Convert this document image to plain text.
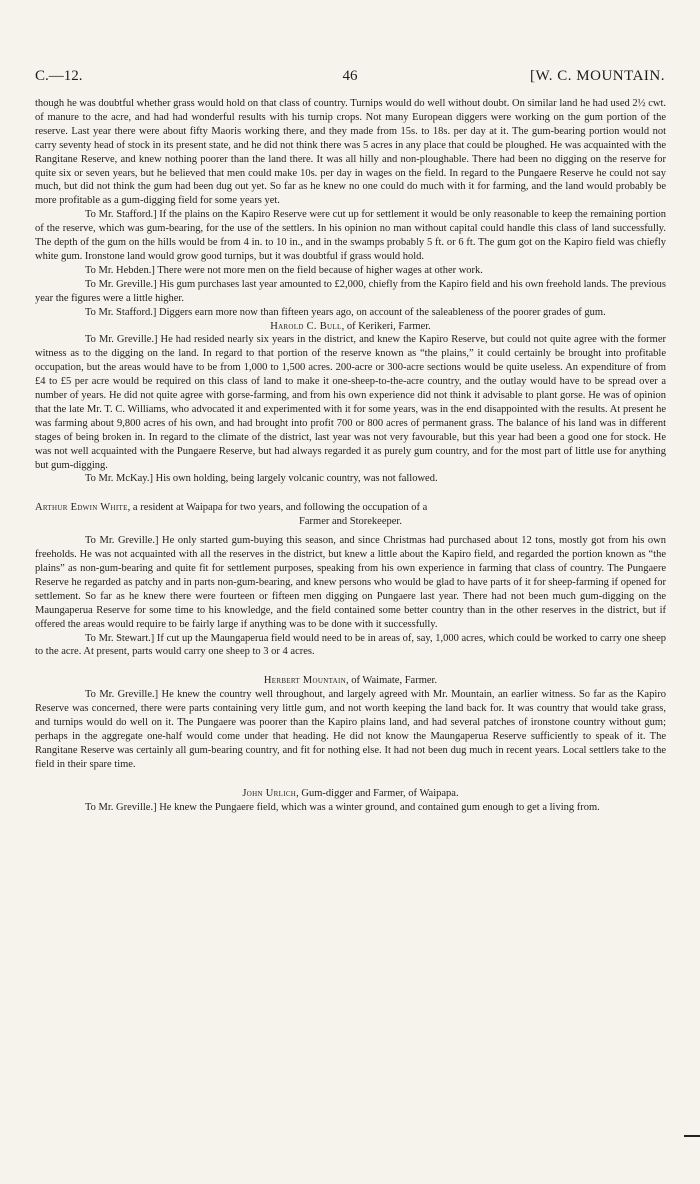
C.—12.	46	[W. C. MOUNTAIN.

though he was doubtful whether grass would hold on that class of country. Turnips would do well without doubt. On similar land he had used 2½ cwt. of manure to the acre, and had had wonderful results with his turnip crops. Not many European diggers were working on the gum portion of the reserve. Last year there were about fifty Maoris working there, and they made from 15s. to 18s. per day at it. The gum-bearing portion would not carry seventy head of stock in its present state, and he did not think there was 5 acres in any place that could be ploughed. He was acquainted with the Rangitane Reserve, and knew nothing poorer than the land there. It was all hilly and non-ploughable. There had been no digging on the reserve for quite six or seven years, but he believed that men could make 10s. per day in wages on the field. In regard to the Pungaere Reserve he could not say much, but did not think the gum had been dug out yet. So far as he knew no one could do much with it for farming, and the land would probably be more profitable as a gum-digging field for some years yet.

To Mr. Stafford.] If the plains on the Kapiro Reserve were cut up for settlement it would be only reasonable to keep the remaining portion of the reserve, which was gum-bearing, for the use of the settlers. In his opinion no man without capital could handle this class of land successfully. The depth of the gum on the hills would be from 4 in. to 10 in., and in the swamps probably 5 ft. or 6 ft. The gum got on the Kapiro field was chiefly white gum. Ironstone land would grow good turnips, but it was doubtful if grass would hold.

To Mr. Hebden.] There were not more men on the field because of higher wages at other work.

To Mr. Greville.] His gum purchases last year amounted to £2,000, chiefly from the Kapiro field and his own freehold lands. The previous year the figures were a little higher.

To Mr. Stafford.] Diggers earn more now than fifteen years ago, on account of the saleableness of the poorer grades of gum.

Harold C. Bull, of Kerikeri, Farmer.

To Mr. Greville.] He had resided nearly six years in the district, and knew the Kapiro Reserve, but could not quite agree with the former witness as to the digging on the land. In regard to that portion of the reserve known as “the plains,” it could certainly be brought into profitable occupation, but the areas would have to be from 1,000 to 1,500 acres. 200-acre or 300-acre sections would be quite useless. An expenditure of from £4 to £5 per acre would be required on this class of land to make it one-sheep-to-the-acre country, and the outlay would have to be spread over a number of years. He did not quite agree with gorse-farming, and from his own experience did not think it advisable to plant gorse. He was of opinion that the late Mr. T. C. Williams, who advocated it and experimented with it for some years, was in the end disappointed with the results. At present he was farming about 9,800 acres of his own, and had brought into profit 700 or 800 acres of permanent grass. The balance of his land was in different stages of being broken in. In regard to the climate of the district, last year was not very favourable, but this year had been a good one for stock. He was not well acquainted with the Pungaere Reserve, but had always regarded it as purely gum country, and for the most part of little use for anything but gum-digging.

To Mr. McKay.] His own holding, being largely volcanic country, was not fallowed.

Arthur Edwin White, a resident at Waipapa for two years, and following the occupation of a

Farmer and Storekeeper.

To Mr. Greville.] He only started gum-buying this season, and since Christmas had purchased about 12 tons, mostly got from his own freeholds. He was not acquainted with all the reserves in the district, but knew a little about the Kapiro field, and regarded the portion known as “the plains” as non-gum-bearing and quite fit for settlement purposes, speaking from his own experience in farming that class of country. The Pungaere Reserve he regarded as patchy and in parts non-gum-bearing, and knew persons who would be glad to have parts of it for sheep-farming if opened for settlement. So far as he knew there were fourteen or fifteen men digging on Pungaere last year. There had not been much gum-digging on the Maungaperua Reserve for some time to his knowledge, and the field contained some better country than in the other reserves in the district, but if offered the areas would require to be fairly large if anything was to be done with it successfully.

To Mr. Stewart.] If cut up the Maungaperua field would need to be in areas of, say, 1,000 acres, which could be worked to carry one sheep to the acre. At present, parts would carry one sheep to 3 or 4 acres.

Herbert Mountain, of Waimate, Farmer.

To Mr. Greville.] He knew the country well throughout, and largely agreed with Mr. Mountain, an earlier witness. So far as the Kapiro Reserve was concerned, there were parts containing very little gum, and not worth keeping the land back for. It was country that would take grass, and turnips would do well on it. The Pungaere was poorer than the Kapiro plains land, and had several patches of ironstone country without gum; perhaps in the aggregate one-half would come under that heading. He did not know the Maungaperua Reserve sufficiently to speak of it. The Rangitane Reserve was certainly all gum-bearing country, and fit for nothing else. It had not been dug much in recent years. Local settlers take to the field in their spare time.

John Urlich, Gum-digger and Farmer, of Waipapa.

To Mr. Greville.] He knew the Pungaere field, which was a winter ground, and contained gum enough to get a living from.
